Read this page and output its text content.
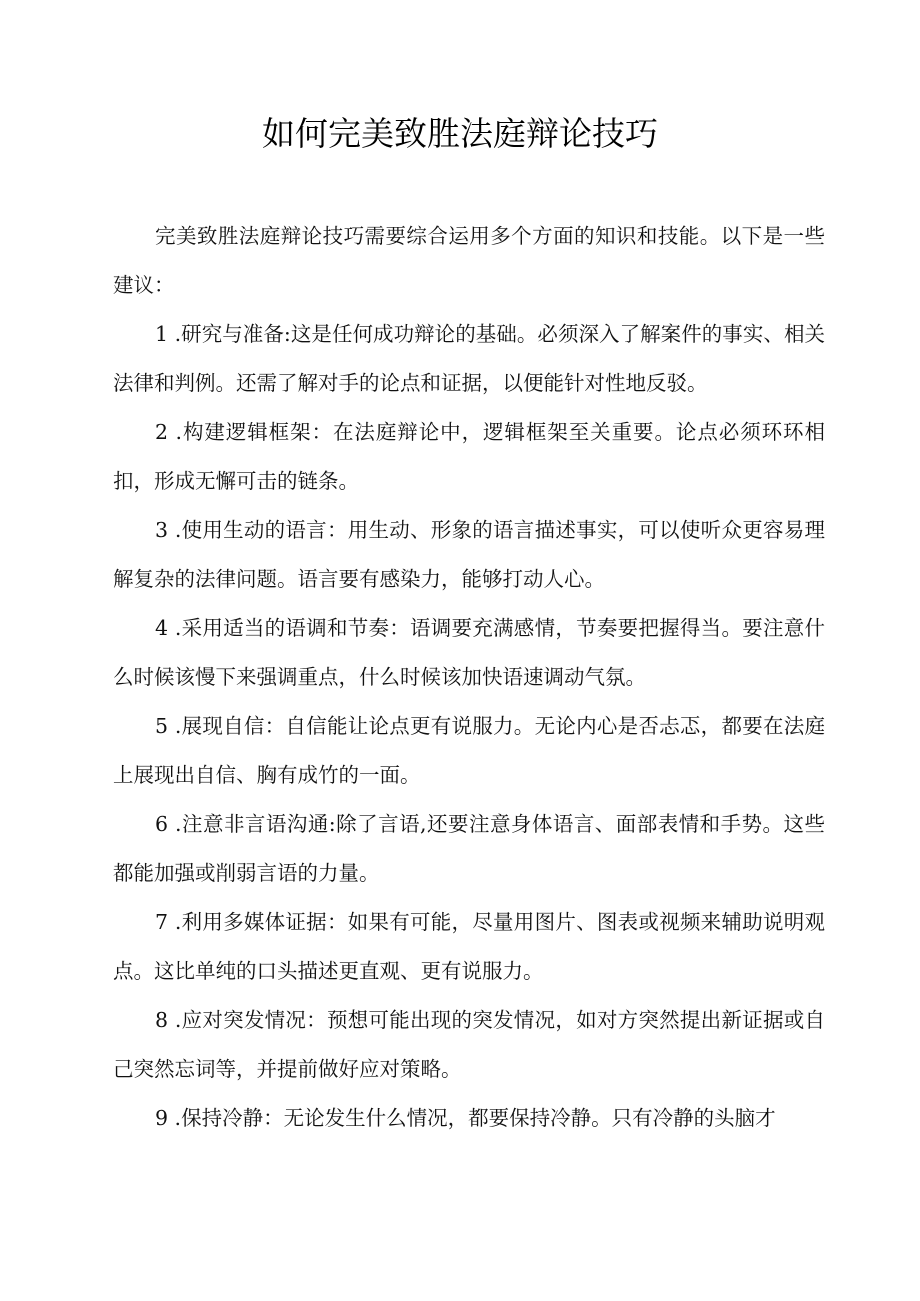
如何完美致胜法庭辩论技巧

完美致胜法庭辩论技巧需要综合运用多个方面的知识和技能。以下是一些建议：

1 .研究与准备:这是任何成功辩论的基础。必须深入了解案件的事实、相关法律和判例。还需了解对手的论点和证据，以便能针对性地反驳。

2 .构建逻辑框架：在法庭辩论中，逻辑框架至关重要。论点必须环环相扣，形成无懈可击的链条。

3 .使用生动的语言：用生动、形象的语言描述事实，可以使听众更容易理解复杂的法律问题。语言要有感染力，能够打动人心。

4 .采用适当的语调和节奏：语调要充满感情，节奏要把握得当。要注意什么时候该慢下来强调重点，什么时候该加快语速调动气氛。

5 .展现自信：自信能让论点更有说服力。无论内心是否忐忑，都要在法庭上展现出自信、胸有成竹的一面。

6 .注意非言语沟通:除了言语,还要注意身体语言、面部表情和手势。这些都能加强或削弱言语的力量。

7 .利用多媒体证据：如果有可能，尽量用图片、图表或视频来辅助说明观点。这比单纯的口头描述更直观、更有说服力。

8 .应对突发情况：预想可能出现的突发情况，如对方突然提出新证据或自己突然忘词等，并提前做好应对策略。

9 .保持冷静：无论发生什么情况，都要保持冷静。只有冷静的头脑才
